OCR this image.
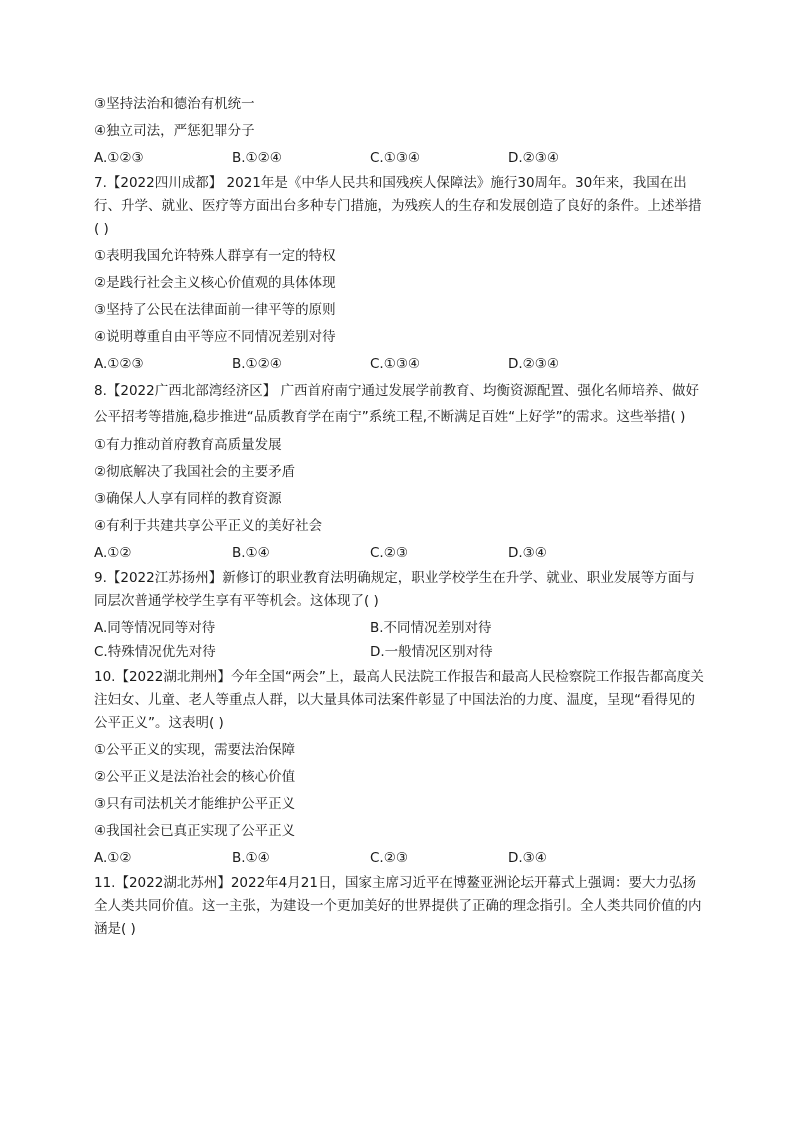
③坚持法治和德治有机统一

④独立司法，严惩犯罪分子

A.①②③	B.①②④	C.①③④	D.②③④

7.【2022四川成都】 2021年是《中华人民共和国残疾人保障法》施行30周年。30年来，我国在出行、升学、就业、医疗等方面出台多种专门措施，为残疾人的生存和发展创造了良好的条件。上述举措( )

①表明我国允许特殊人群享有一定的特权

②是践行社会主义核心价值观的具体体现

③坚持了公民在法律面前一律平等的原则

④说明尊重自由平等应不同情况差别对待

A.①②③	B.①②④	C.①③④	D.②③④

8.【2022广西北部湾经济区】 广西首府南宁通过发展学前教育、均衡资源配置、强化名师培养、做好公平招考等措施,稳步推进“品质教育学在南宁”系统工程,不断满足百姓“上好学”的需求。这些举措( )

①有力推动首府教育高质量发展

②彻底解决了我国社会的主要矛盾

③确保人人享有同样的教育资源

④有利于共建共享公平正义的美好社会

A.①②	B.①④	C.②③	D.③④

9.【2022江苏扬州】新修订的职业教育法明确规定，职业学校学生在升学、就业、职业发展等方面与同层次普通学校学生享有平等机会。这体现了( )

A.同等情况同等对待	B.不同情况差别对待
C.特殊情况优先对待	D.一般情况区别对待

10.【2022湖北荆州】今年全国“两会”上，最高人民法院工作报告和最高人民检察院工作报告都高度关注妇女、儿童、老人等重点人群，以大量具体司法案件彰显了中国法治的力度、温度，呈现“看得见的公平正义”。这表明( )

①公平正义的实现，需要法治保障

②公平正义是法治社会的核心价值

③只有司法机关才能维护公平正义

④我国社会已真正实现了公平正义

A.①②	B.①④	C.②③	D.③④

11.【2022湖北苏州】2022年4月21日，国家主席习近平在博鳌亚洲论坛开幕式上强调：要大力弘扬全人类共同价值。这一主张，为建设一个更加美好的世界提供了正确的理念指引。全人类共同价值的内涵是( )
